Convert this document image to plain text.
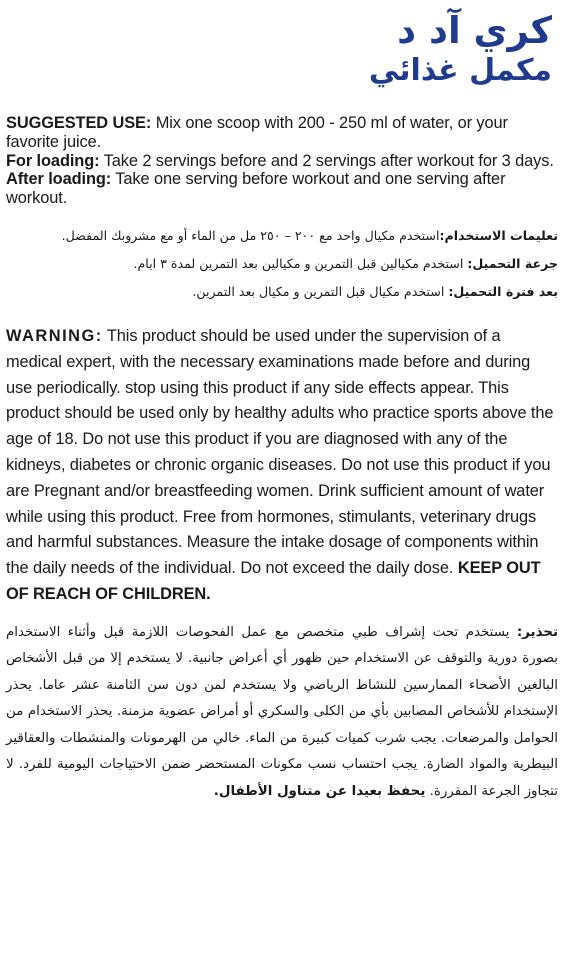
كري آد د

مكمل غذائي

SUGGESTED USE: Mix one scoop with 200 - 250 ml of water, or your favorite juice.

For loading: Take 2 servings before and 2 servings after workout for 3 days.

After loading: Take one serving before workout and one serving after workout.

تعليمات الاستخدام:استخدم مكيال واحد مع ٢٠٠ – ٢٥٠ مل من الماء أو مع مشروبك المفضل.

جرعة التحميل: استخدم مكيالين قبل التمرين و مكيالين بعد التمرين لمدة ٣ ايام.

بعد فترة التحميل: استخدم مكيال قبل التمرين و مكيال بعد التمرين.

WARNING: This product should be used under the supervision of a medical expert, with the necessary examinations made before and during use periodically. stop using this product if any side effects appear. This product should be used only by healthy adults who practice sports above the age of 18. Do not use this product if you are diagnosed with any of the kidneys, diabetes or chronic organic diseases. Do not use this product if you are Pregnant and/or breastfeeding women. Drink sufficient amount of water while using this product. Free from hormones, stimulants, veterinary drugs and harmful substances. Measure the intake dosage of components within the daily needs of the individual. Do not exceed the daily dose. KEEP OUT OF REACH OF CHILDREN.

تحذير: يستخدم تحت إشراف طبي متخصص مع عمل الفحوصات اللازمة قبل وأثناء الاستخدام بصورة دورية والتوقف عن الاستخدام حين ظهور أي أعراض جانبية. لا يستخدم إلا من قبل الأشخاص البالغين الأصحاء الممارسين للنشاط الرياضي ولا يستخدم لمن دون سن الثامنة عشر عاما. يحذر الإستخدام للأشخاص المصابين بأي من الكلى والسكري أو أمراض عضوية مزمنة. يحذر الاستخدام من الحوامل والمرضعات. يجب شرب كميات كبيرة من الماء. خالي من الهرمونات والمنشطات والعقاقير البيطرية والمواد الضارة. يجب احتساب نسب مكونات المستحضر ضمن الاحتياجات اليومية للفرد. لا تتجاوز الجرعة المقررة. يحفظ بعيدا عن متناول الأطفال.
